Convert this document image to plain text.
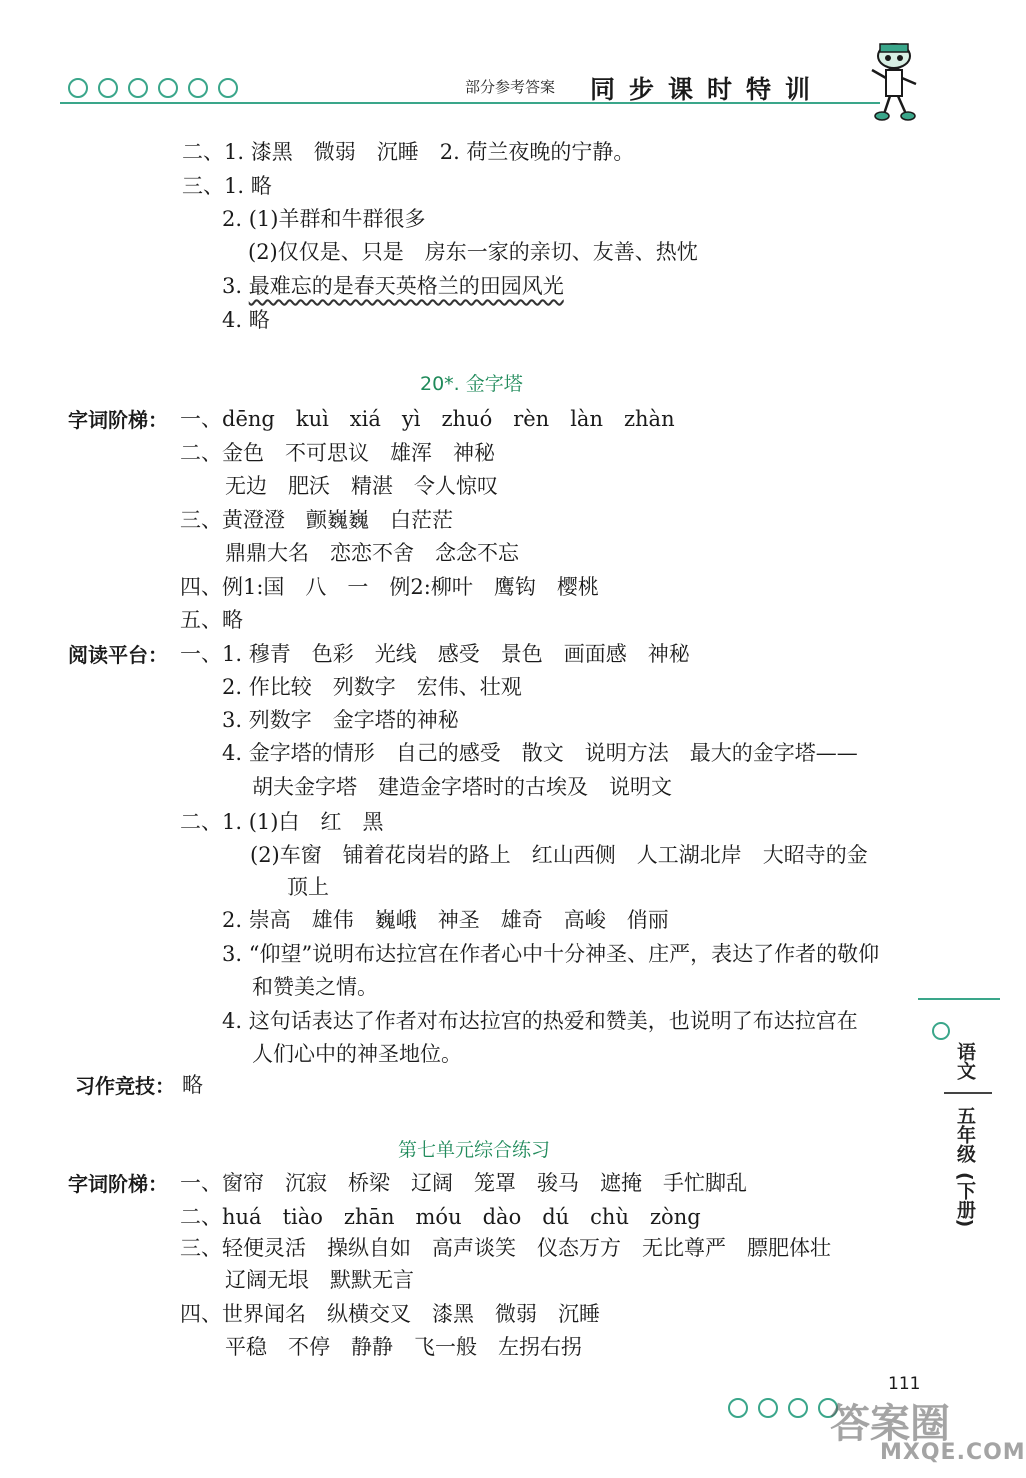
部分参考答案 同步课时特训
二、1. 漆黑　微弱　沉睡　2. 荷兰夜晚的宁静。
三、1. 略
2. (1)羊群和牛群很多
(2)仅仅是、只是　房东一家的亲切、友善、热忱
3. 最难忘的是春天英格兰的田园风光
4. 略
20*. 金字塔
字词阶梯： 一、dēng　kuì　xiá　yì　zhuó　rèn　làn　zhàn
二、金色　不可思议　雄浑　神秘
无边　肥沃　精湛　令人惊叹
三、黄澄澄　颤巍巍　白茫茫
鼎鼎大名　恋恋不舍　念念不忘
四、例1:国　八　一　例2:柳叶　鹰钩　樱桃
五、略
阅读平台： 一、1. 穆青　色彩　光线　感受　景色　画面感　神秘
2. 作比较　列数字　宏伟、壮观
3. 列数字　金字塔的神秘
4. 金字塔的情形　自己的感受　散文　说明方法　最大的金字塔——
胡夫金字塔　建造金字塔时的古埃及　说明文
二、1. (1)白　红　黑
(2)车窗　铺着花岗岩的路上　红山西侧　人工湖北岸　大昭寺的金
顶上
2. 崇高　雄伟　巍峨　神圣　雄奇　高峻　俏丽
3. “仰望”说明布达拉宫在作者心中十分神圣、庄严，表达了作者的敬仰
和赞美之情。
4. 这句话表达了作者对布达拉宫的热爱和赞美，也说明了布达拉宫在
人们心中的神圣地位。
习作竞技： 略
第七单元综合练习
字词阶梯： 一、窗帘　沉寂　桥梁　辽阔　笼罩　骏马　遮掩　手忙脚乱
二、huá　tiào　zhān　móu　dào　dú　chù　zòng
三、轻便灵活　操纵自如　高声谈笑　仪态万方　无比尊严　膘肥体壮
辽阔无垠　默默无言
四、世界闻名　纵横交叉　漆黑　微弱　沉睡
平稳　不停　静静　飞一般　左拐右拐
语文
五年级
(下册)
111
答案圈
MXQE.COM
